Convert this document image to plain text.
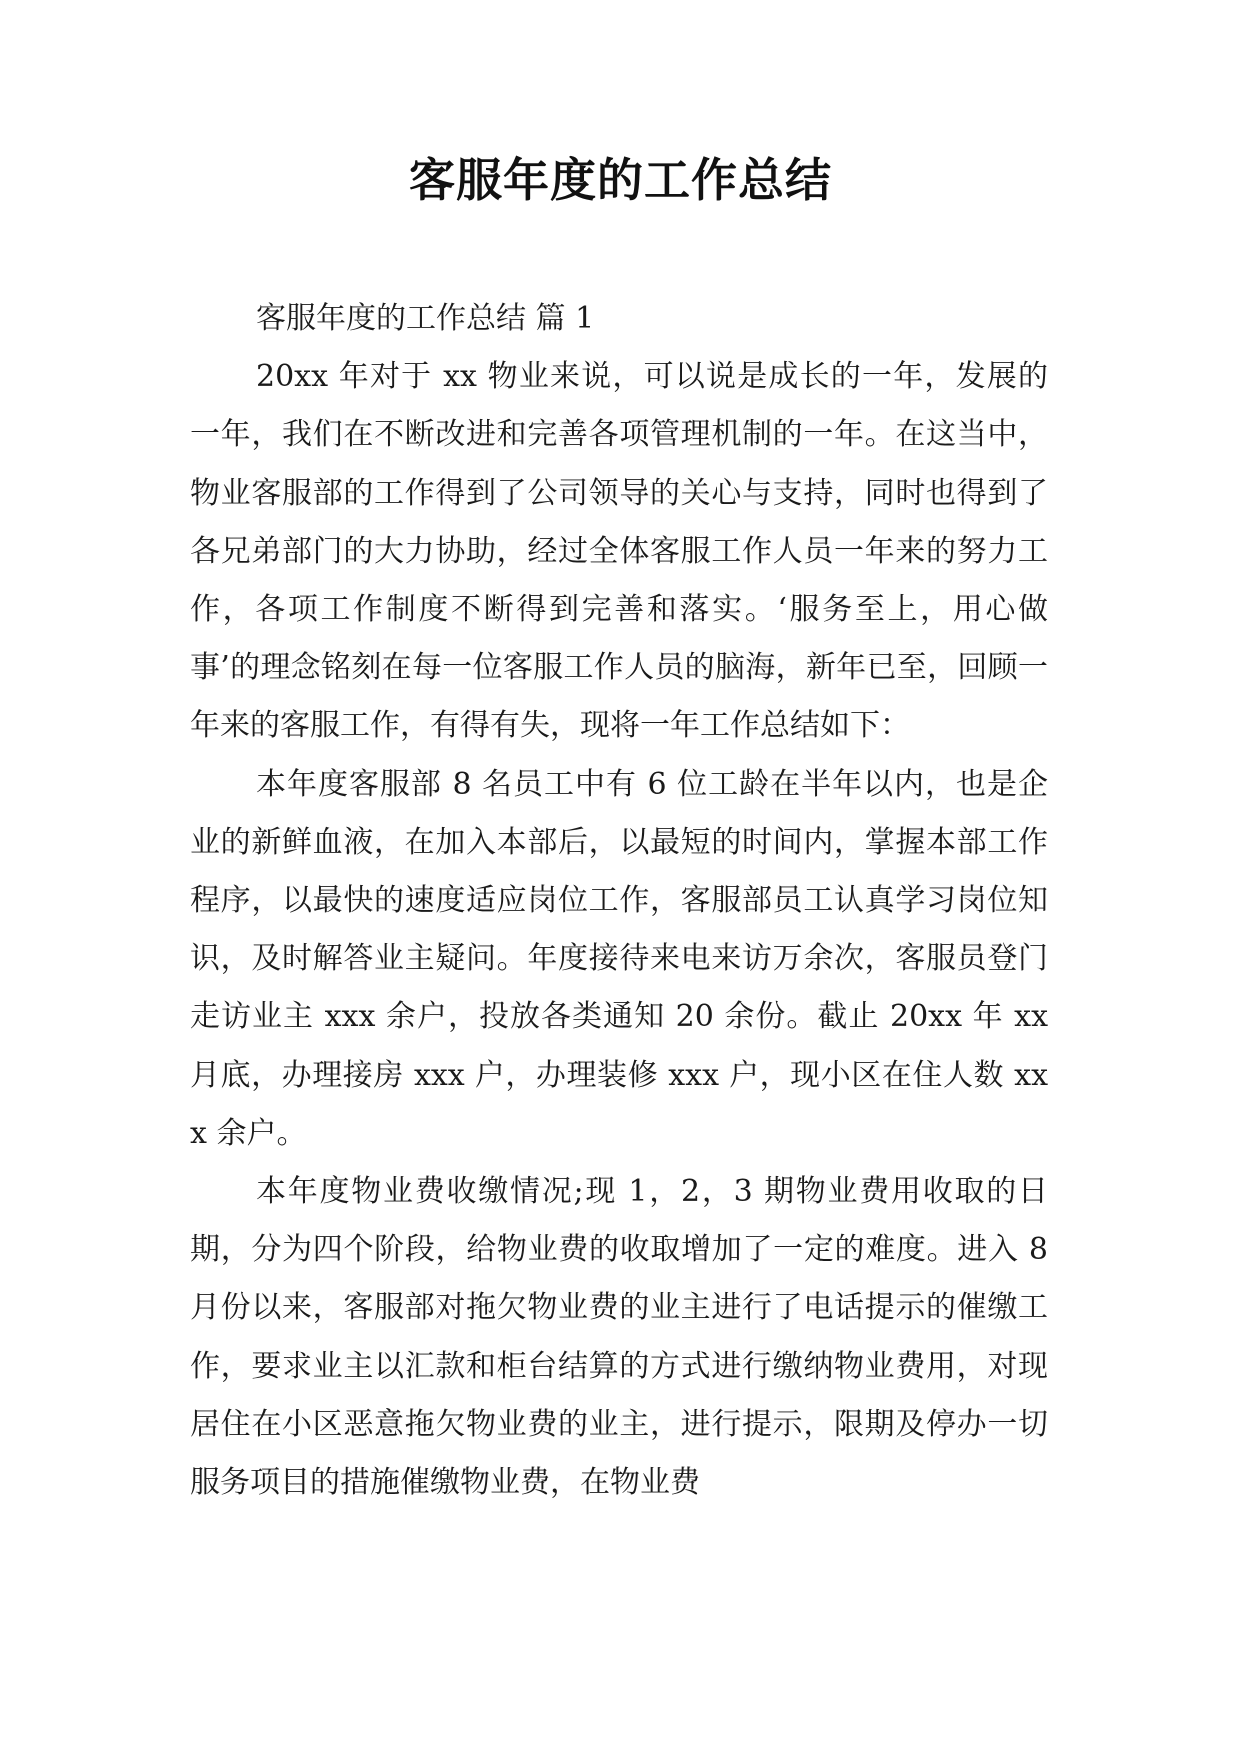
客服年度的工作总结

客服年度的工作总结 篇 1

20xx 年对于 xx 物业来说，可以说是成长的一年，发展的一年，我们在不断改进和完善各项管理机制的一年。在这当中，物业客服部的工作得到了公司领导的关心与支持，同时也得到了各兄弟部门的大力协助，经过全体客服工作人员一年来的努力工作，各项工作制度不断得到完善和落实。‘服务至上，用心做事’的理念铭刻在每一位客服工作人员的脑海，新年已至，回顾一年来的客服工作，有得有失，现将一年工作总结如下：

本年度客服部 8 名员工中有 6 位工龄在半年以内，也是企业的新鲜血液，在加入本部后，以最短的时间内，掌握本部工作程序，以最快的速度适应岗位工作，客服部员工认真学习岗位知识，及时解答业主疑问。年度接待来电来访万余次，客服员登门走访业主 xxx 余户，投放各类通知 20 余份。截止 20xx 年 xx 月底，办理接房 xxx 户，办理装修 xxx 户，现小区在住人数 xxx 余户。

本年度物业费收缴情况;现 1，2，3 期物业费用收取的日期，分为四个阶段，给物业费的收取增加了一定的难度。进入 8 月份以来，客服部对拖欠物业费的业主进行了电话提示的催缴工作，要求业主以汇款和柜台结算的方式进行缴纳物业费用，对现居住在小区恶意拖欠物业费的业主，进行提示，限期及停办一切服务项目的措施催缴物业费，在物业费
